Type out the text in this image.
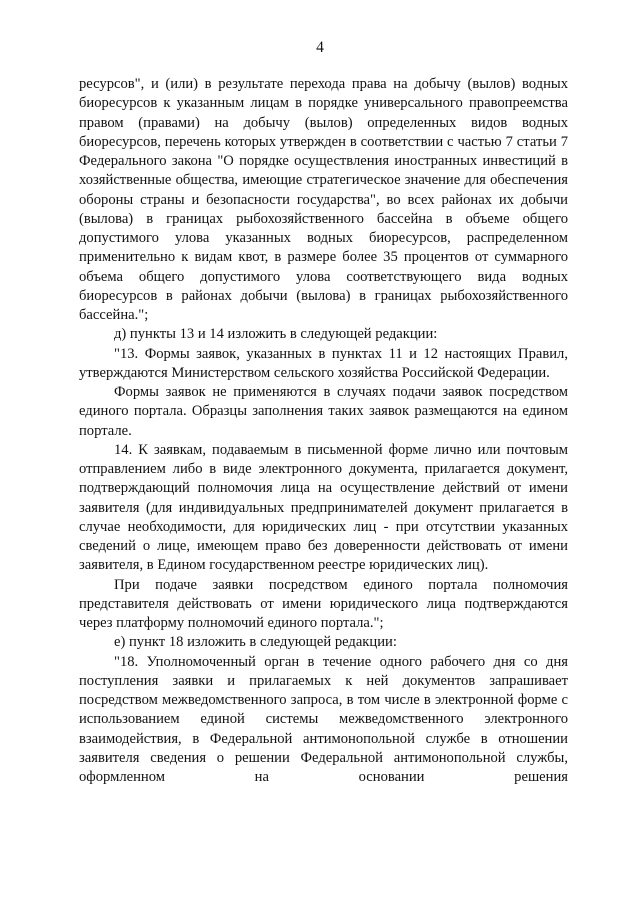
4

ресурсов", и (или) в результате перехода права на добычу (вылов) водных биоресурсов к указанным лицам в порядке универсального правопреемства правом (правами) на добычу (вылов) определенных видов водных биоресурсов, перечень которых утвержден в соответствии с частью 7 статьи 7 Федерального закона "О порядке осуществления иностранных инвестиций в хозяйственные общества, имеющие стратегическое значение для обеспечения обороны страны и безопасности государства", во всех районах их добычи (вылова) в границах рыбохозяйственного бассейна в объеме общего допустимого улова указанных водных биоресурсов, распределенном применительно к видам квот, в размере более 35 процентов от суммарного объема общего допустимого улова соответствующего вида водных биоресурсов в районах добычи (вылова) в границах рыбохозяйственного бассейна.";

д) пункты 13 и 14 изложить в следующей редакции:

"13. Формы заявок, указанных в пунктах 11 и 12 настоящих Правил, утверждаются Министерством сельского хозяйства Российской Федерации.

Формы заявок не применяются в случаях подачи заявок посредством единого портала. Образцы заполнения таких заявок размещаются на едином портале.

14. К заявкам, подаваемым в письменной форме лично или почтовым отправлением либо в виде электронного документа, прилагается документ, подтверждающий полномочия лица на осуществление действий от имени заявителя (для индивидуальных предпринимателей документ прилагается в случае необходимости, для юридических лиц - при отсутствии указанных сведений о лице, имеющем право без доверенности действовать от имени заявителя, в Едином государственном реестре юридических лиц).

При подаче заявки посредством единого портала полномочия представителя действовать от имени юридического лица подтверждаются через платформу полномочий единого портала.";

е) пункт 18 изложить в следующей редакции:

"18. Уполномоченный орган в течение одного рабочего дня со дня поступления заявки и прилагаемых к ней документов запрашивает посредством межведомственного запроса, в том числе в электронной форме с использованием единой системы межведомственного электронного взаимодействия, в Федеральной антимонопольной службе в отношении заявителя сведения о решении Федеральной антимонопольной службы, оформленном на основании решения
